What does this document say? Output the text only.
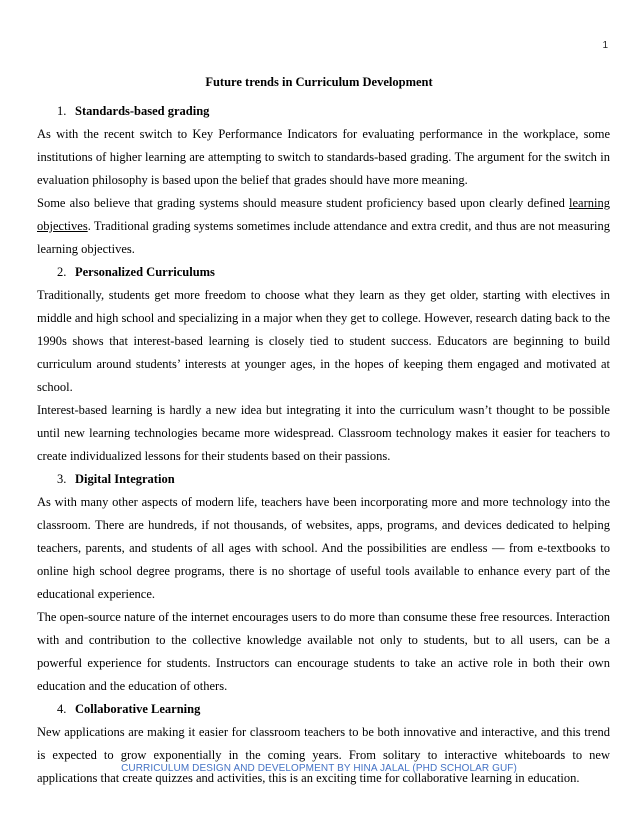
1
Future trends in Curriculum Development
1. Standards-based grading

As with the recent switch to Key Performance Indicators for evaluating performance in the workplace, some institutions of higher learning are attempting to switch to standards-based grading. The argument for the switch in evaluation philosophy is based upon the belief that grades should have more meaning.

Some also believe that grading systems should measure student proficiency based upon clearly defined learning objectives. Traditional grading systems sometimes include attendance and extra credit, and thus are not measuring learning objectives.

2. Personalized Curriculums

Traditionally, students get more freedom to choose what they learn as they get older, starting with electives in middle and high school and specializing in a major when they get to college. However, research dating back to the 1990s shows that interest-based learning is closely tied to student success. Educators are beginning to build curriculum around students’ interests at younger ages, in the hopes of keeping them engaged and motivated at school.

Interest-based learning is hardly a new idea but integrating it into the curriculum wasn’t thought to be possible until new learning technologies became more widespread. Classroom technology makes it easier for teachers to create individualized lessons for their students based on their passions.

3. Digital Integration

As with many other aspects of modern life, teachers have been incorporating more and more technology into the classroom. There are hundreds, if not thousands, of websites, apps, programs, and devices dedicated to helping teachers, parents, and students of all ages with school. And the possibilities are endless — from e-textbooks to online high school degree programs, there is no shortage of useful tools available to enhance every part of the educational experience.

The open-source nature of the internet encourages users to do more than consume these free resources. Interaction with and contribution to the collective knowledge available not only to students, but to all users, can be a powerful experience for students. Instructors can encourage students to take an active role in both their own education and the education of others.

4. Collaborative Learning

New applications are making it easier for classroom teachers to be both innovative and interactive, and this trend is expected to grow exponentially in the coming years. From solitary to interactive whiteboards to new applications that create quizzes and activities, this is an exciting time for collaborative learning in education.

CURRICULUM DESIGN AND DEVELOPMENT BY HINA JALAL (PHD SCHOLAR GUF)
